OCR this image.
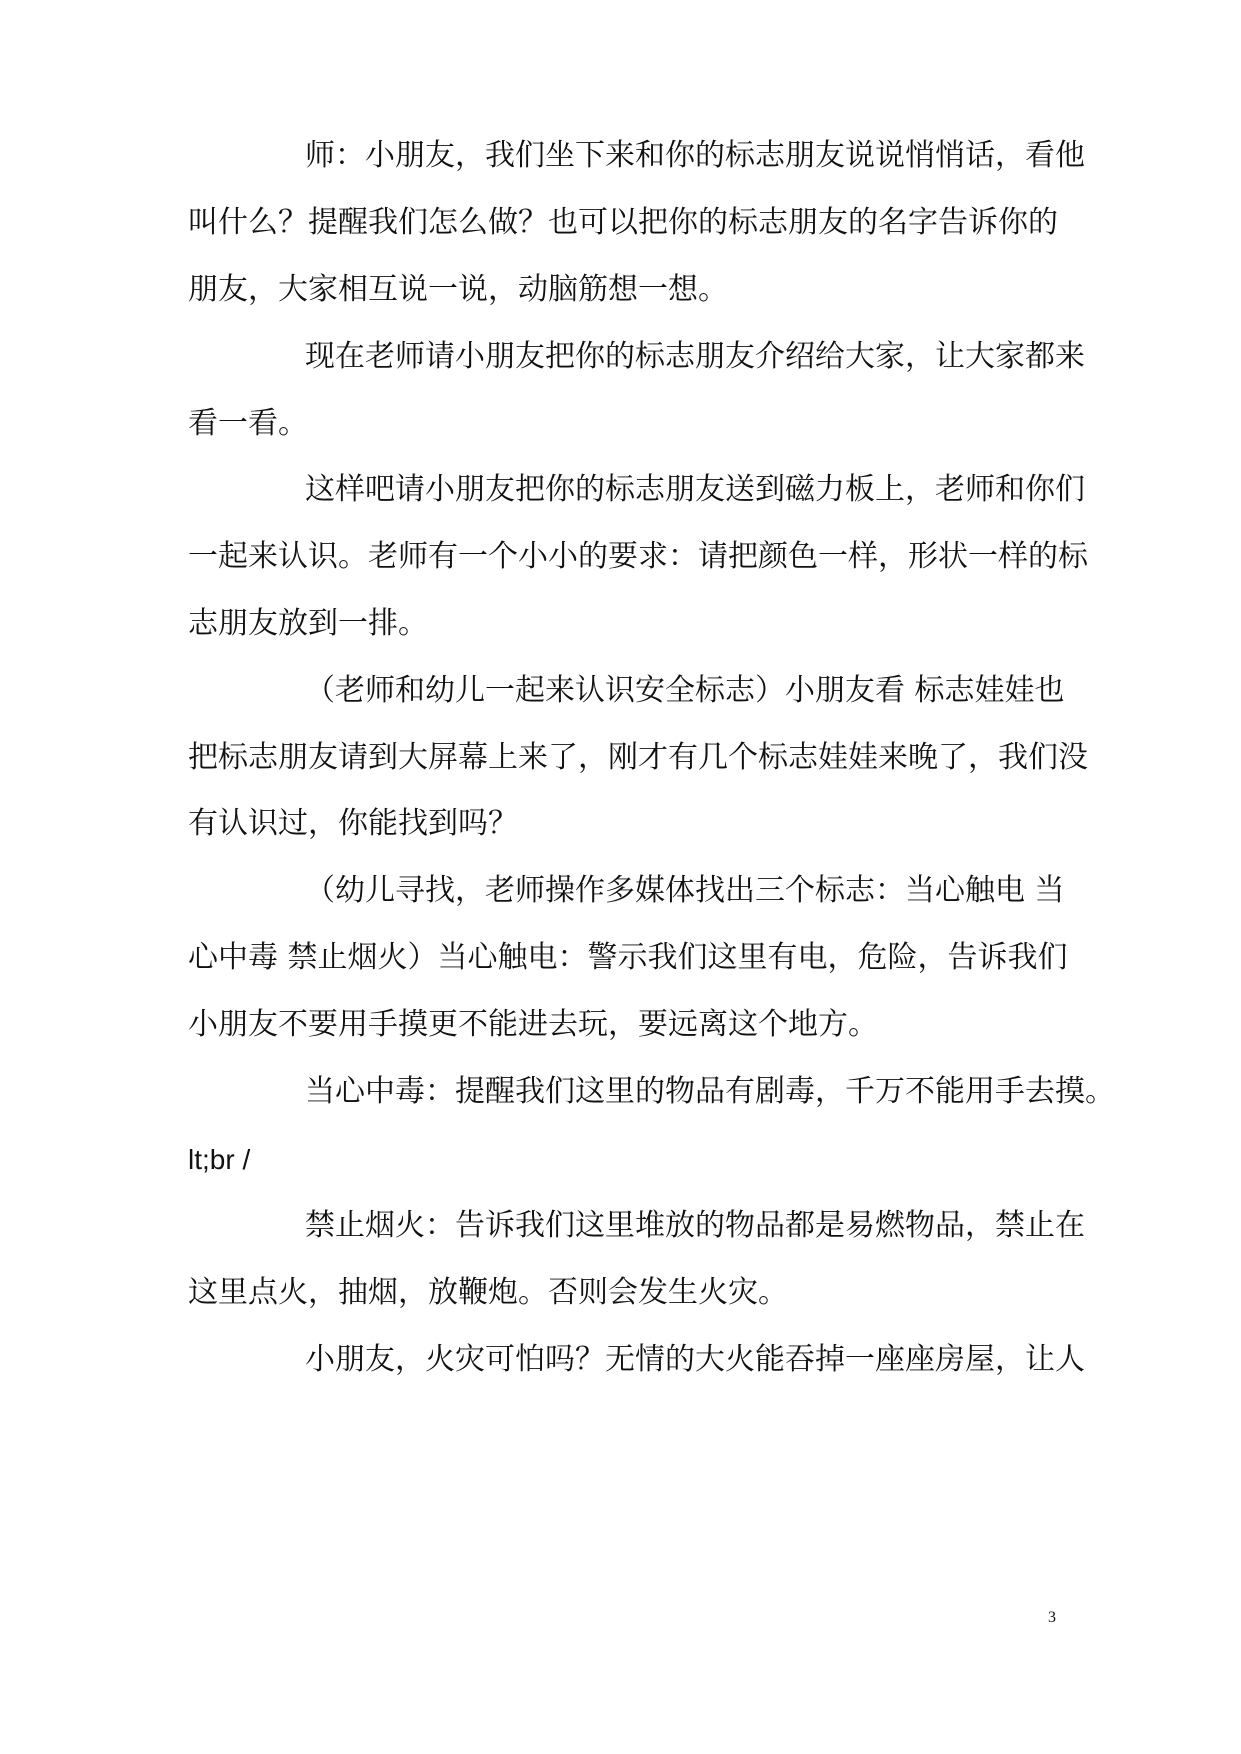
师：小朋友，我们坐下来和你的标志朋友说说悄悄话，看他
叫什么？提醒我们怎么做？也可以把你的标志朋友的名字告诉你的
朋友，大家相互说一说，动脑筋想一想。
现在老师请小朋友把你的标志朋友介绍给大家，让大家都来
看一看。
这样吧请小朋友把你的标志朋友送到磁力板上，老师和你们
一起来认识。老师有一个小小的要求：请把颜色一样，形状一样的标
志朋友放到一排。
（老师和幼儿一起来认识安全标志）小朋友看 标志娃娃也
把标志朋友请到大屏幕上来了，刚才有几个标志娃娃来晚了，我们没
有认识过，你能找到吗？
（幼儿寻找，老师操作多媒体找出三个标志：当心触电 当
心中毒 禁止烟火）当心触电：警示我们这里有电，危险，告诉我们
小朋友不要用手摸更不能进去玩，要远离这个地方。
当心中毒：提醒我们这里的物品有剧毒，千万不能用手去摸。
lt;br /
禁止烟火：告诉我们这里堆放的物品都是易燃物品，禁止在
这里点火，抽烟，放鞭炮。否则会发生火灾。
小朋友，火灾可怕吗？无情的大火能吞掉一座座房屋，让人
3
